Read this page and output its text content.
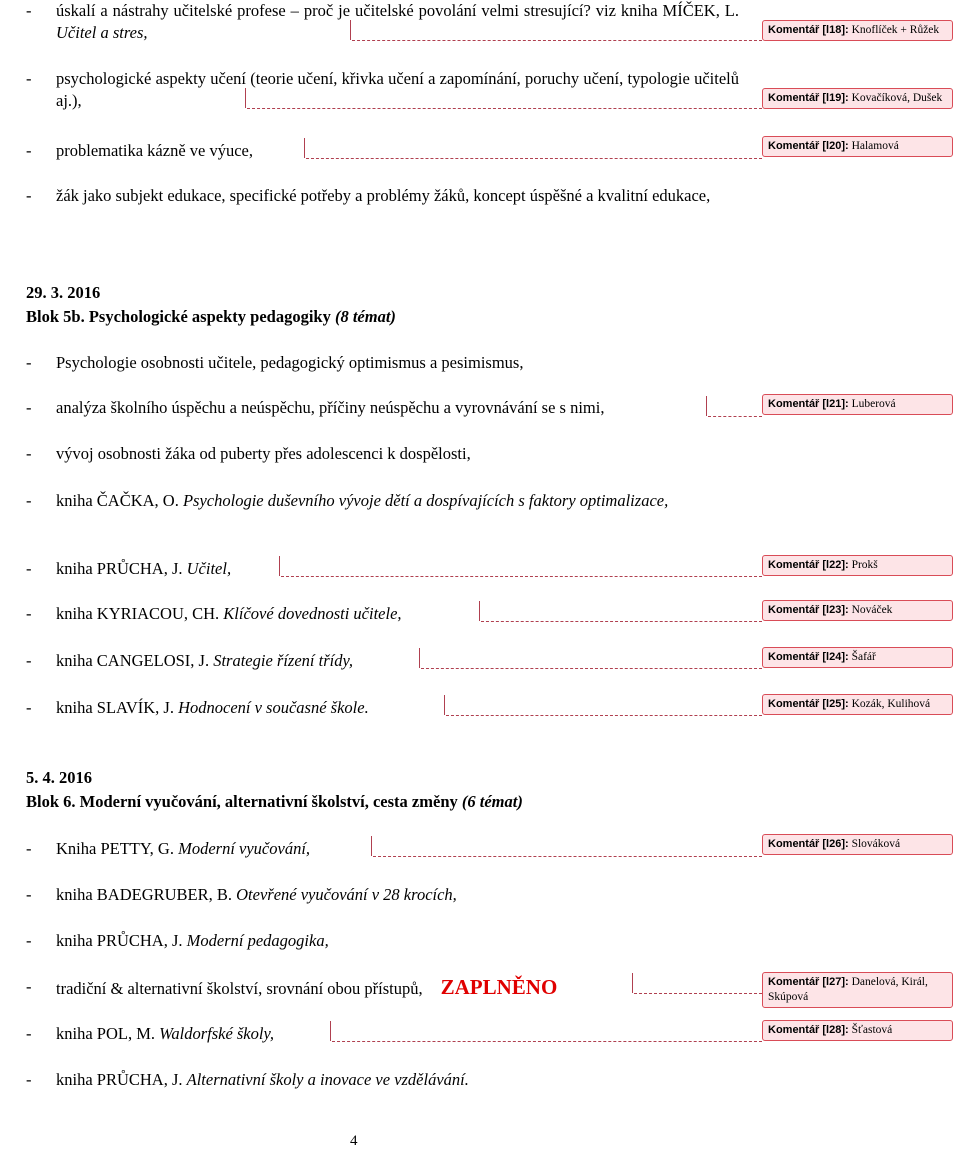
- úskalí a nástrahy učitelské profese – proč je učitelské povolání velmi stresující? viz kniha MÍČEK, L. Učitel a stres,
- psychologické aspekty učení (teorie učení, křivka učení a zapomínání, poruchy učení, typologie učitelů aj.),
- problematika kázně ve výuce,
- žák jako subjekt edukace, specifické potřeby a problémy žáků, koncept úspěšné a kvalitní edukace,
29. 3. 2016
Blok 5b. Psychologické aspekty pedagogiky (8 témat)
- Psychologie osobnosti učitele, pedagogický optimismus a pesimismus,
- analýza školního úspěchu a neúspěchu, příčiny neúspěchu a vyrovnávání se s nimi,
- vývoj osobnosti žáka od puberty přes adolescenci k dospělosti,
- kniha ČAČKA, O. Psychologie duševního vývoje dětí a dospívajících s faktory optimalizace,
- kniha PRŮCHA, J. Učitel,
- kniha KYRIACOU, CH. Klíčové dovednosti učitele,
- kniha CANGELOSI, J. Strategie řízení třídy,
- kniha SLAVÍK, J. Hodnocení v současné škole.
5. 4. 2016
Blok 6. Moderní vyučování, alternativní školství, cesta změny (6 témat)
- Kniha PETTY, G. Moderní vyučování,
- kniha BADEGRUBER, B. Otevřené vyučování v 28 krocích,
- kniha PRŮCHA, J. Moderní pedagogika,
- tradiční & alternativní školství, srovnání obou přístupů, ZAPLNĚNO
- kniha POL, M. Waldorfské školy,
- kniha PRŮCHA, J. Alternativní školy a inovace ve vzdělávání.
Komentář [l18]: Knoflíček + Růžek
Komentář [l19]: Kovačíková, Dušek
Komentář [l20]: Halamová
Komentář [l21]: Luberová
Komentář [l22]: Prokš
Komentář [l23]: Nováček
Komentář [l24]: Šafář
Komentář [l25]: Kozák, Kulihová
Komentář [l26]: Slováková
Komentář [l27]: Danelová, Királ, Skúpová
Komentář [l28]: Šťastová
4
